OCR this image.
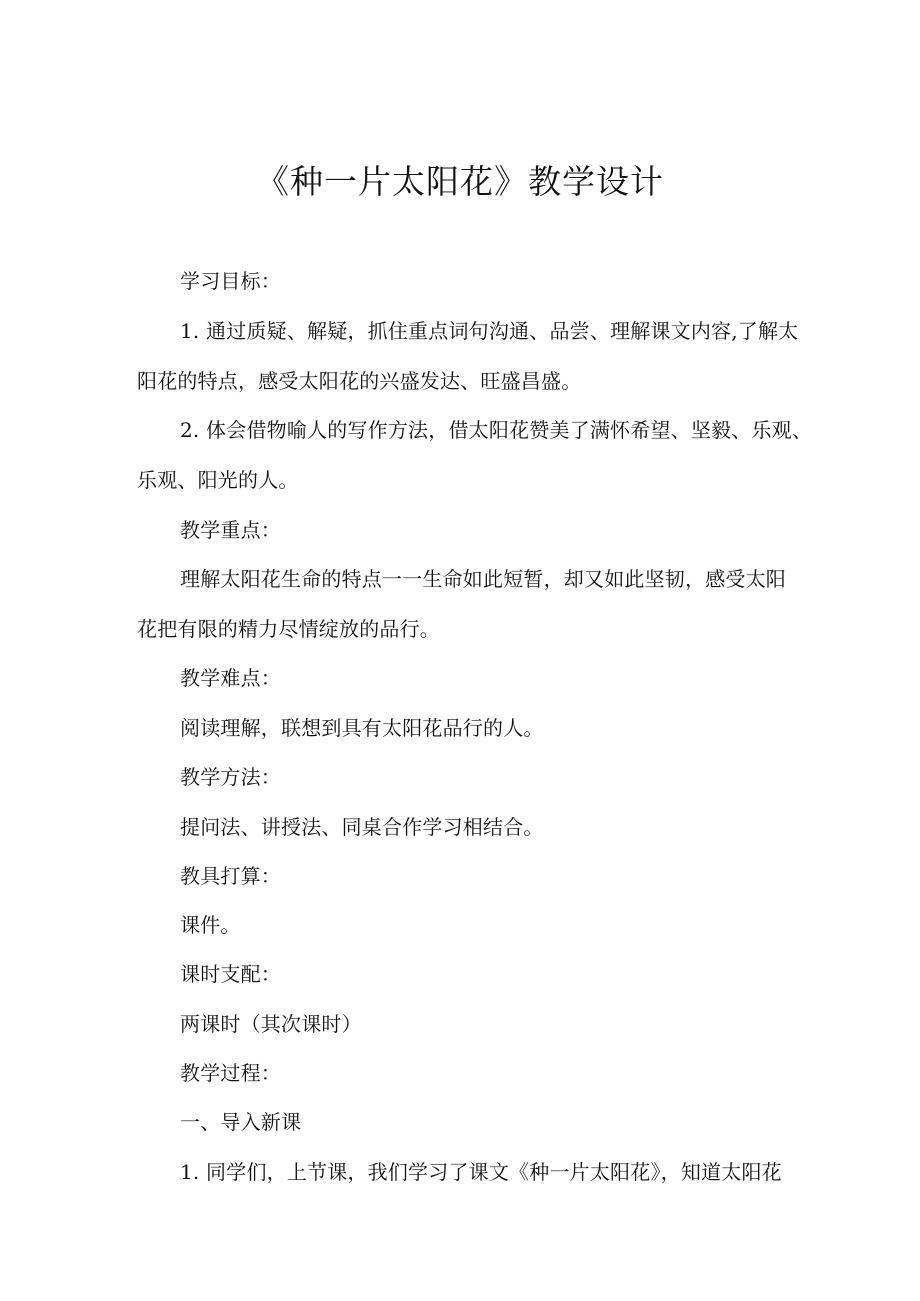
《种一片太阳花》教学设计
学习目标：
1. 通过质疑、解疑，抓住重点词句沟通、品尝、理解课文内容,了解太
阳花的特点，感受太阳花的兴盛发达、旺盛昌盛。
2. 体会借物喻人的写作方法，借太阳花赞美了满怀希望、坚毅、乐观、
乐观、阳光的人。
教学重点：
理解太阳花生命的特点一一生命如此短暂，却又如此坚韧，感受太阳
花把有限的精力尽情绽放的品行。
教学难点：
阅读理解，联想到具有太阳花品行的人。
教学方法：
提问法、讲授法、同桌合作学习相结合。
教具打算：
课件。
课时支配：
两课时（其次课时）
教学过程：
一、导入新课
1. 同学们，上节课，我们学习了课文《种一片太阳花》，知道太阳花
